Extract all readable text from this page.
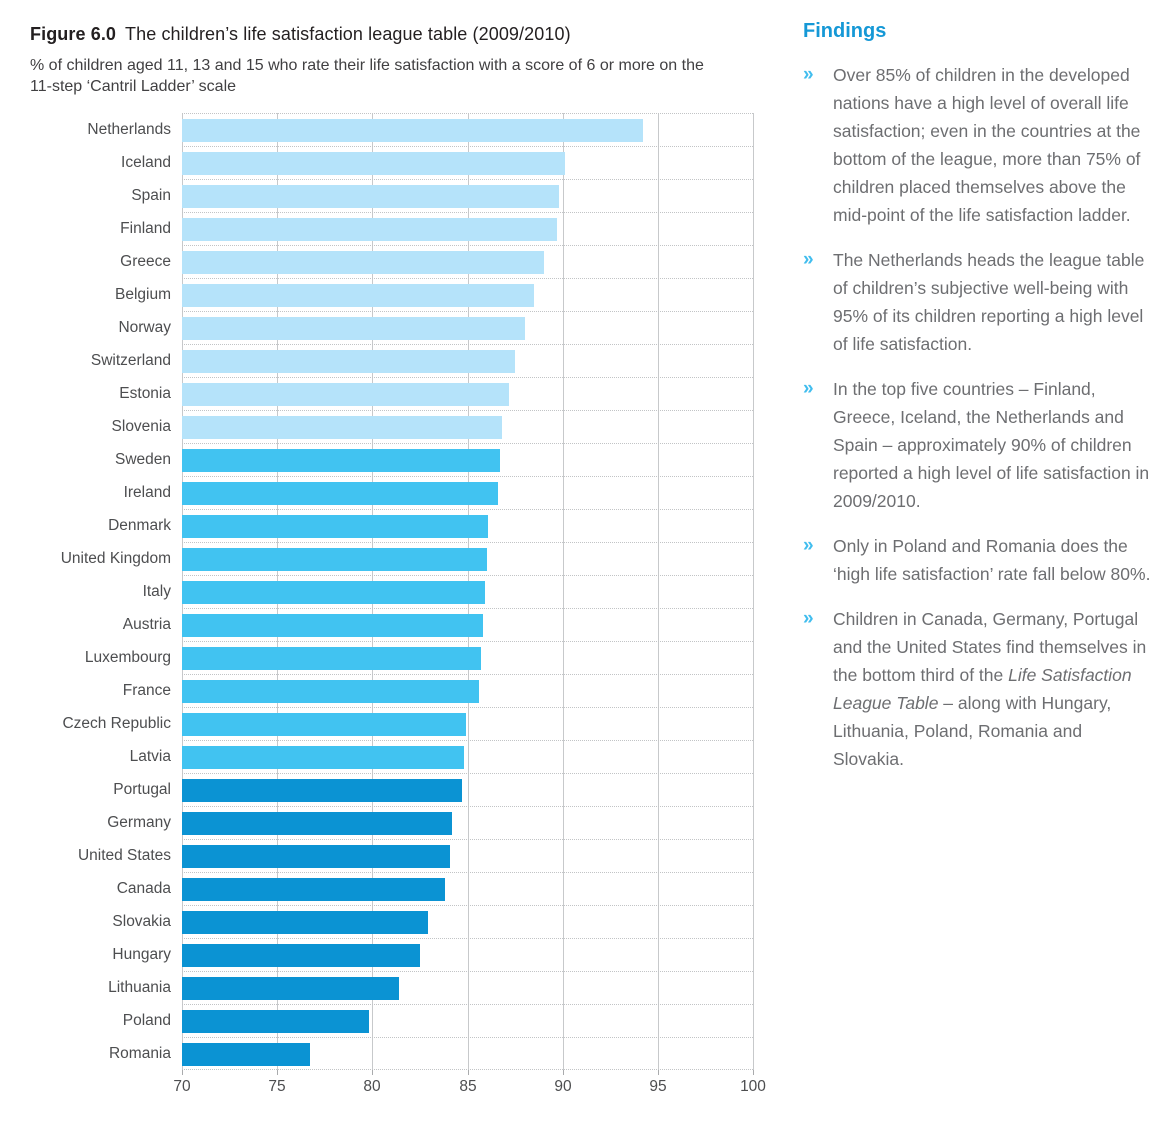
Figure 6.0 The children’s life satisfaction league table (2009/2010)
% of children aged 11, 13 and 15 who rate their life satisfaction with a score of 6 or more on the 11-step ‘Cantril Ladder’ scale
Netherlands
Iceland
Spain
Finland
Greece
Belgium
Norway
Switzerland
Estonia
Slovenia
Sweden
Ireland
Denmark
United Kingdom
Italy
Austria
Luxembourg
France
Czech Republic
Latvia
Portugal
Germany
United States
Canada
Slovakia
Hungary
Lithuania
Poland
Romania
70	75	80	85	90	95	100
Findings
»	Over 85% of children in the developed nations have a high level of overall life satisfaction; even in the countries at the bottom of the league, more than 75% of children placed themselves above the mid-point of the life satisfaction ladder.

»	The Netherlands heads the league table of children’s subjective well-being with 95% of its children reporting a high level of life satisfaction.

»	In the top five countries – Finland, Greece, Iceland, the Netherlands and Spain – approximately 90% of children reported a high level of life satisfaction in 2009/2010.

»	Only in Poland and Romania does the ‘high life satisfaction’ rate fall below 80%.

»	Children in Canada, Germany, Portugal and the United States find themselves in the bottom third of the Life Satisfaction League Table – along with Hungary, Lithuania, Poland, Romania and Slovakia.
